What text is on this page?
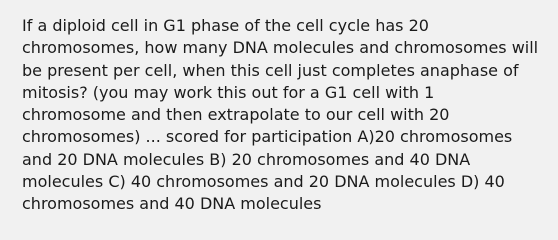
If a diploid cell in G1 phase of the cell cycle has 20 chromosomes, how many DNA molecules and chromosomes will be present per cell, when this cell just completes anaphase of mitosis? (you may work this out for a G1 cell with 1 chromosome and then extrapolate to our cell with 20 chromosomes) ... scored for participation A)20 chromosomes and 20 DNA molecules B) 20 chromosomes and 40 DNA molecules C) 40 chromosomes and 20 DNA molecules D) 40 chromosomes and 40 DNA molecules
